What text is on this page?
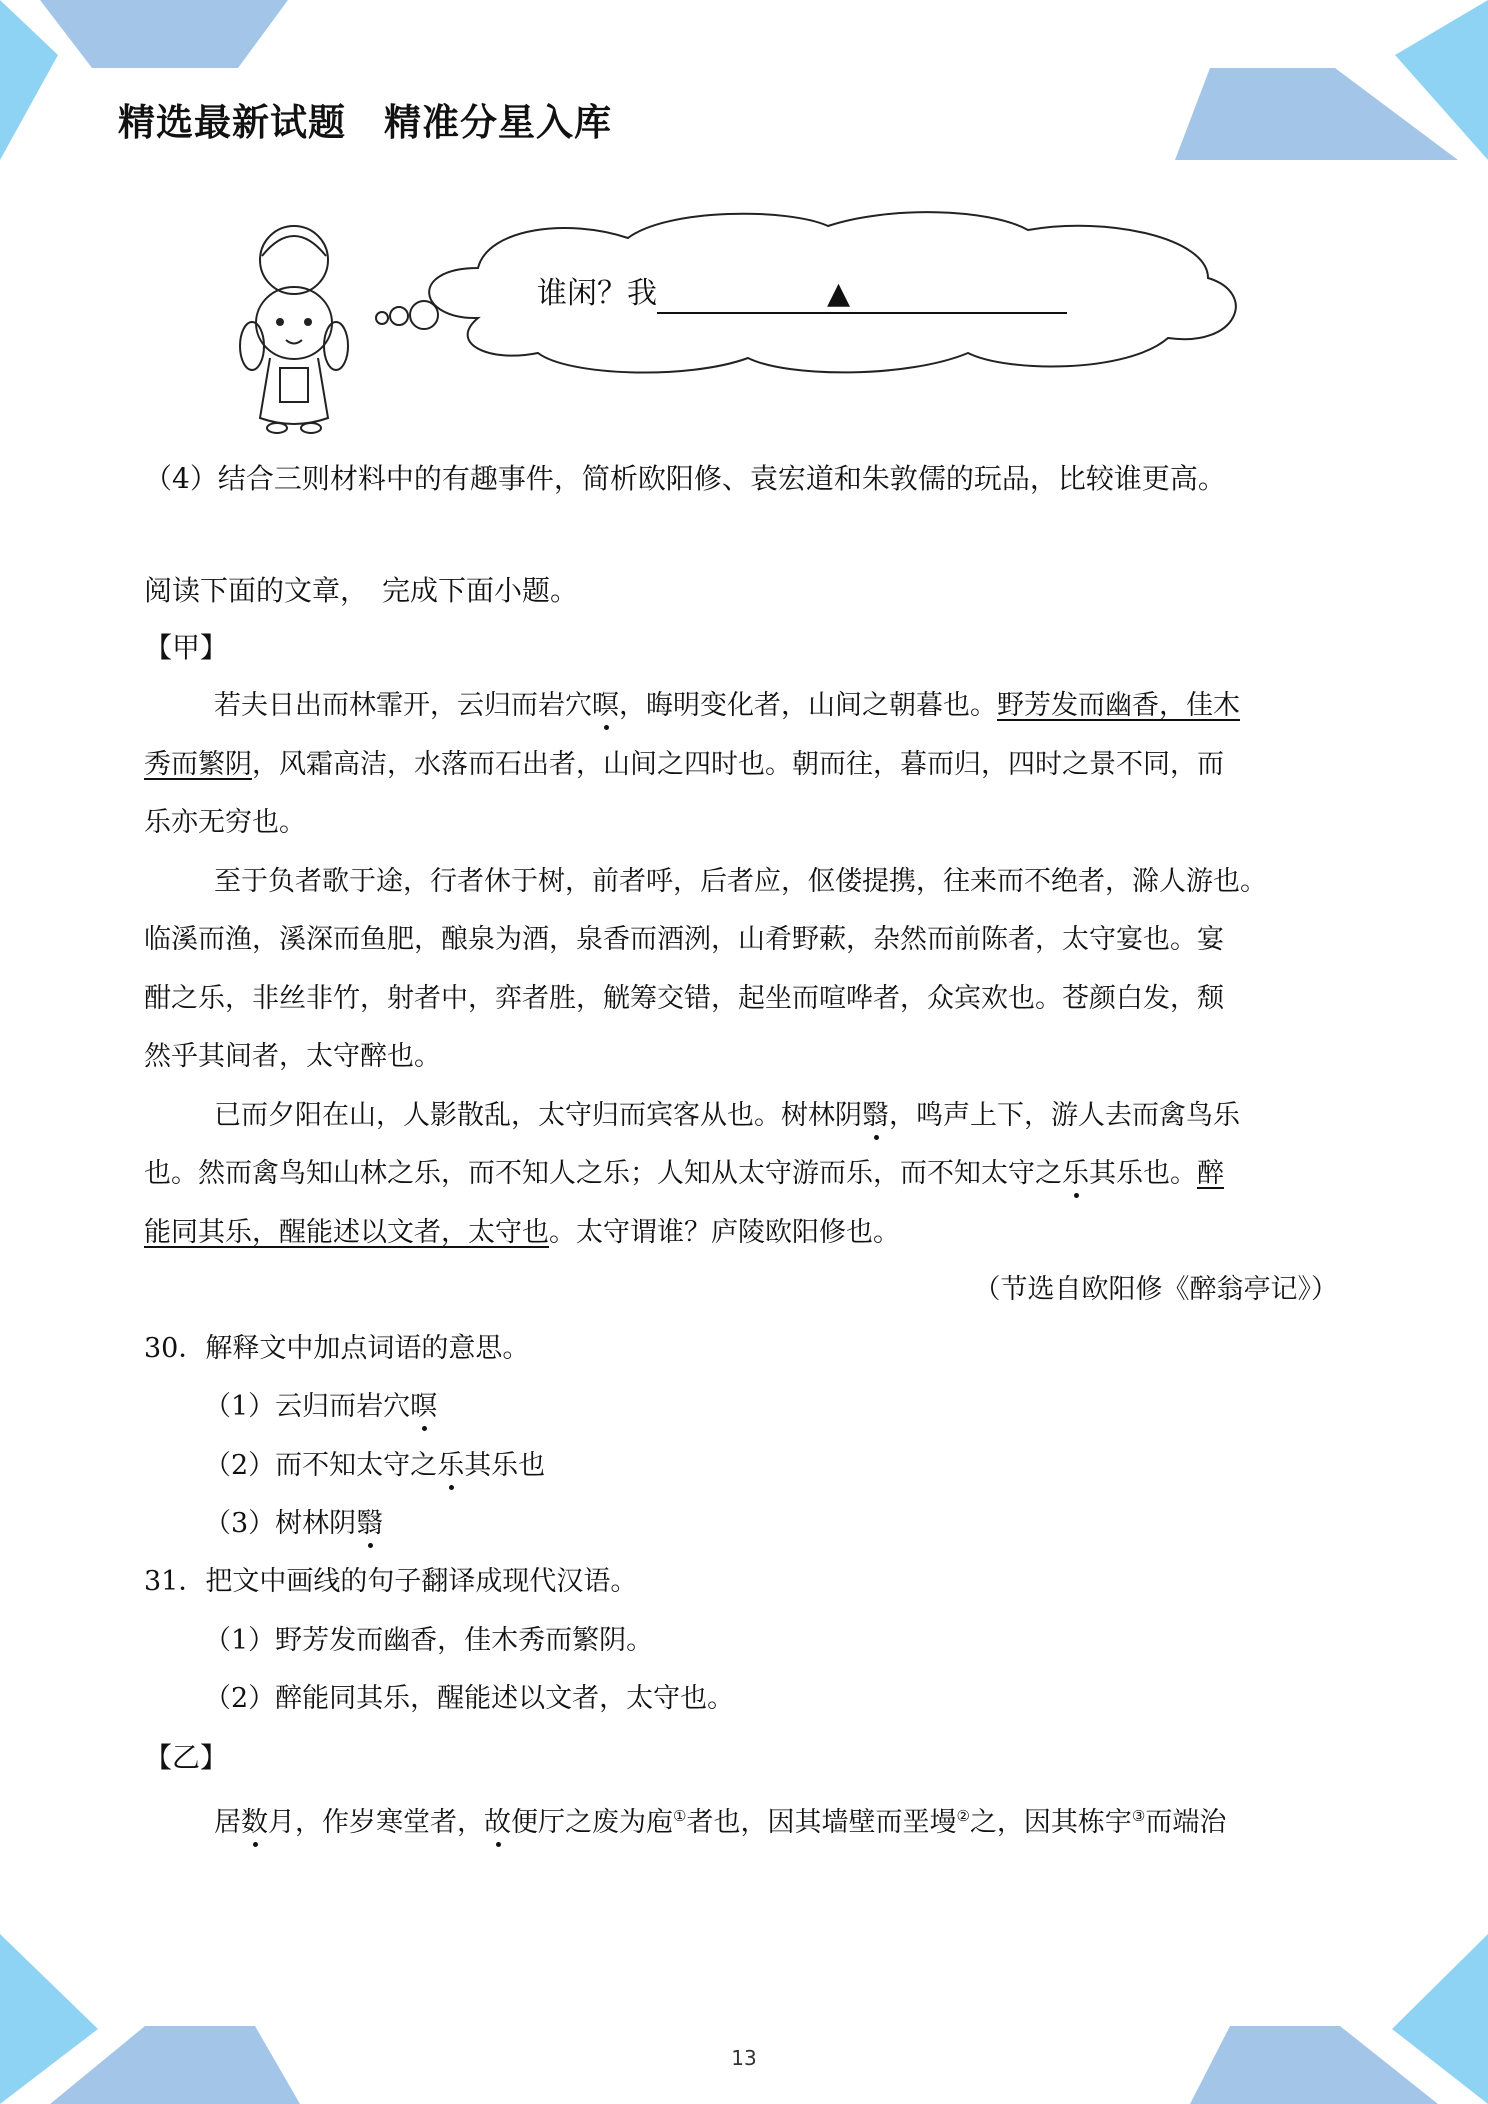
精选最新试题　精准分星入库
谁闲？我	▲
（4）结合三则材料中的有趣事件，简析欧阳修、袁宏道和朱敦儒的玩品，比较谁更高。
阅读下面的文章，　完成下面小题。
【甲】
若夫日出而林霏开，云归而岩穴暝，晦明变化者，山间之朝暮也。野芳发而幽香，佳木
秀而繁阴，风霜高洁，水落而石出者，山间之四时也。朝而往，暮而归，四时之景不同，而
乐亦无穷也。
至于负者歌于途，行者休于树，前者呼，后者应，伛偻提携，往来而不绝者，滁人游也。
临溪而渔，溪深而鱼肥，酿泉为酒，泉香而酒洌，山肴野蔌，杂然而前陈者，太守宴也。宴
酣之乐，非丝非竹，射者中，弈者胜，觥筹交错，起坐而喧哗者，众宾欢也。苍颜白发，颓
然乎其间者，太守醉也。
已而夕阳在山，人影散乱，太守归而宾客从也。树林阴翳，鸣声上下，游人去而禽鸟乐
也。然而禽鸟知山林之乐，而不知人之乐；人知从太守游而乐，而不知太守之乐其乐也。醉
能同其乐，醒能述以文者，太守也。太守谓谁？庐陵欧阳修也。
（节选自欧阳修《醉翁亭记》）
30．解释文中加点词语的意思。
（1）云归而岩穴暝
（2）而不知太守之乐其乐也
（3）树林阴翳
31．把文中画线的句子翻译成现代汉语。
（1）野芳发而幽香，佳木秀而繁阴。
（2）醉能同其乐，醒能述以文者，太守也。
【乙】
居数月，作岁寒堂者，故便厅之废为庖①者也，因其墙壁而垩墁②之，因其栋宇③而端治
13
